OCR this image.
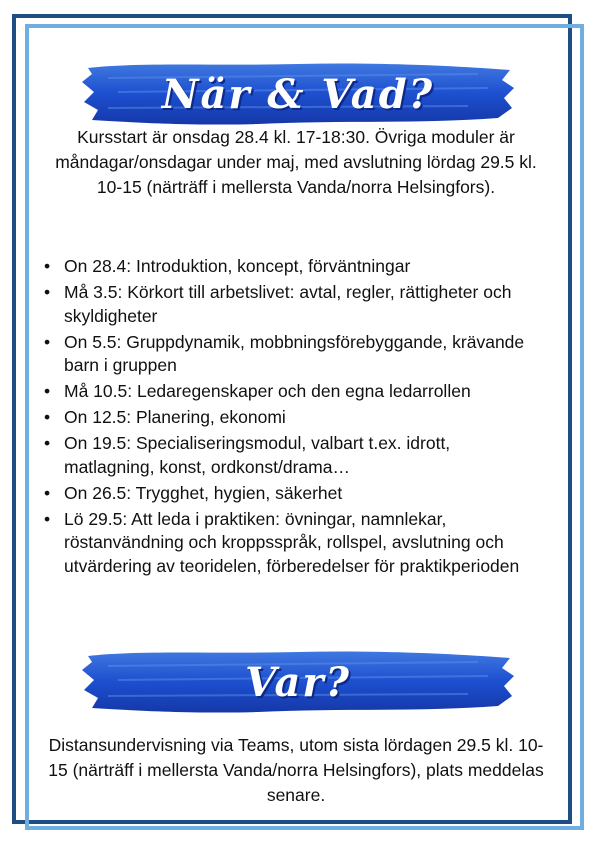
När & Vad?
Kursstart är onsdag 28.4 kl. 17-18:30. Övriga moduler är måndagar/onsdagar under maj, med avslutning lördag 29.5 kl. 10-15 (närträff i mellersta Vanda/norra Helsingfors).
• On 28.4: Introduktion, koncept, förväntningar
• Må 3.5: Körkort till arbetslivet: avtal, regler, rättigheter och skyldigheter
• On 5.5: Gruppdynamik, mobbningsförebyggande, krävande barn i gruppen
• Må 10.5: Ledaregenskaper och den egna ledarrollen
• On 12.5: Planering, ekonomi
• On 19.5: Specialiseringsmodul, valbart t.ex. idrott, matlagning, konst, ordkonst/drama…
• On 26.5: Trygghet, hygien, säkerhet
• Lö 29.5: Att leda i praktiken: övningar, namnlekar, röstanvändning och kroppsspråk, rollspel, avslutning och utvärdering av teoridelen, förberedelser för praktikperioden
Var?
Distansundervisning via Teams, utom sista lördagen 29.5 kl. 10-15 (närträff i mellersta Vanda/norra Helsingfors), plats meddelas senare.
